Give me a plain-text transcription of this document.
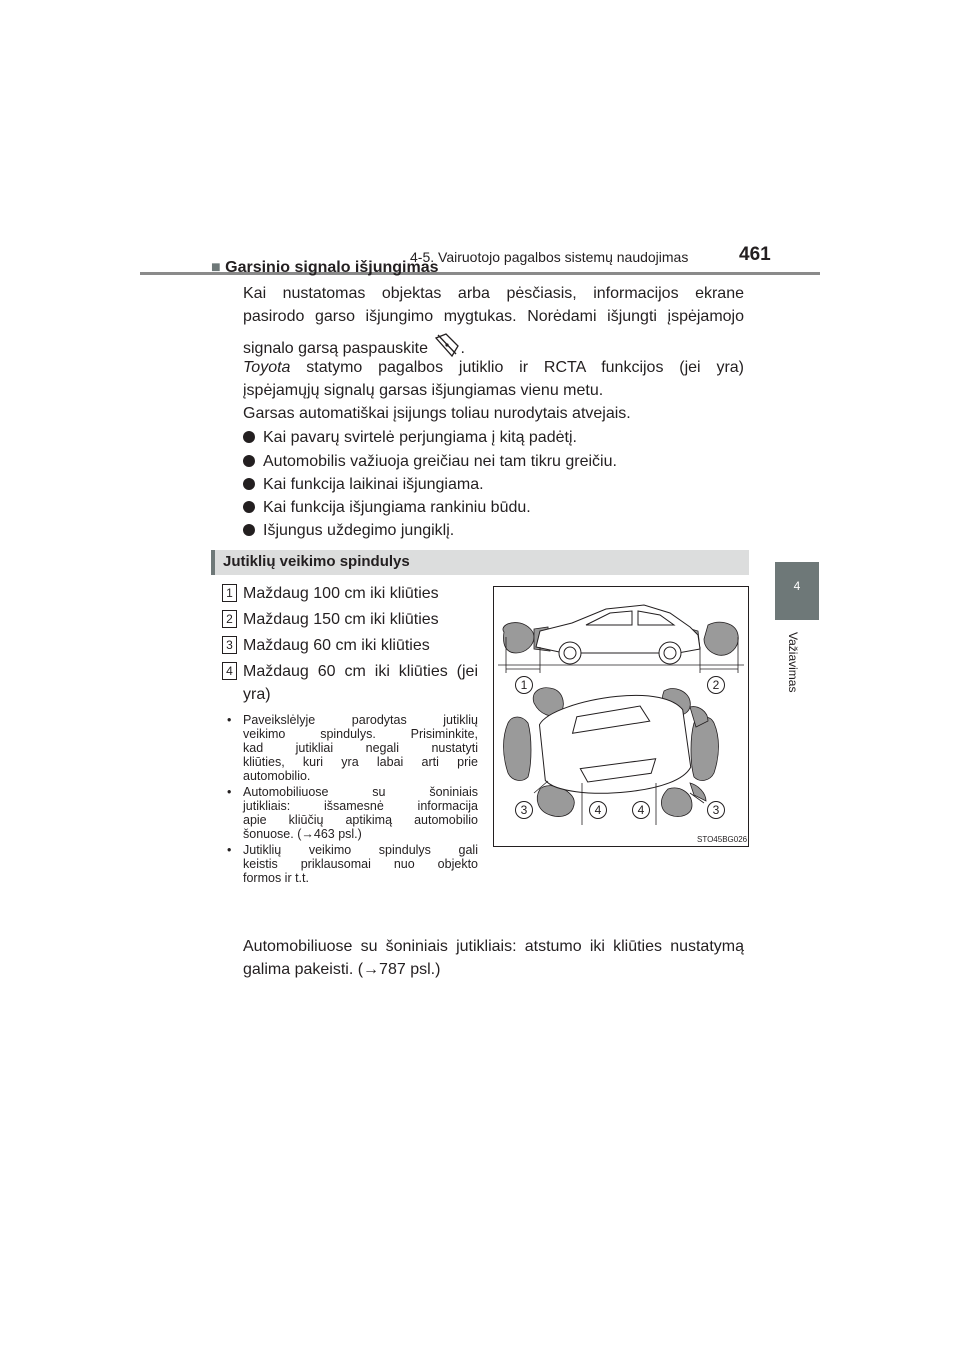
4-5. Vairuotojo pagalbos sistemų naudojimas	461
4
Važiavimas
■ Garsinio signalo išjungimas
Kai nustatomas objektas arba pėsčiasis, informacijos ekrane
pasirodo garso išjungimo mygtukas. Norėdami išjungti įspėjamojo
signalo garsą paspauskite .
Toyota statymo pagalbos jutiklio ir RCTA funkcijos (jei yra)
įspėjamųjų signalų garsas išjungiamas vienu metu.
Garsas automatiškai įsijungs toliau nurodytais atvejais.
Kai pavarų svirtelė perjungiama į kitą padėtį.
Automobilis važiuoja greičiau nei tam tikru greičiu.
Kai funkcija laikinai išjungiama.
Kai funkcija išjungiama rankiniu būdu.
Išjungus uždegimo jungiklį.
Jutiklių veikimo spindulys
1 Maždaug 100 cm iki kliūties
2 Maždaug 150 cm iki kliūties
3 Maždaug 60 cm iki kliūties
4 Maždaug 60 cm iki kliūties (jei
yra)
• Paveikslėlyje parodytas jutiklių
veikimo spindulys. Prisiminkite,
kad jutikliai negali nustatyti
kliūties, kuri yra labai arti prie
automobilio.
• Automobiliuose su šoniniais
jutikliais: išsamesnė informacija
apie kliūčių aptikimą automobilio
šonuose. (→463 psl.)
• Jutiklių veikimo spindulys gali
keistis priklausomai nuo objekto
formos ir t.t.
1	2
3	4	4	3
STO45BG026
Automobiliuose su šoniniais jutikliais: atstumo iki kliūties nustatymą
galima pakeisti. (→787 psl.)
